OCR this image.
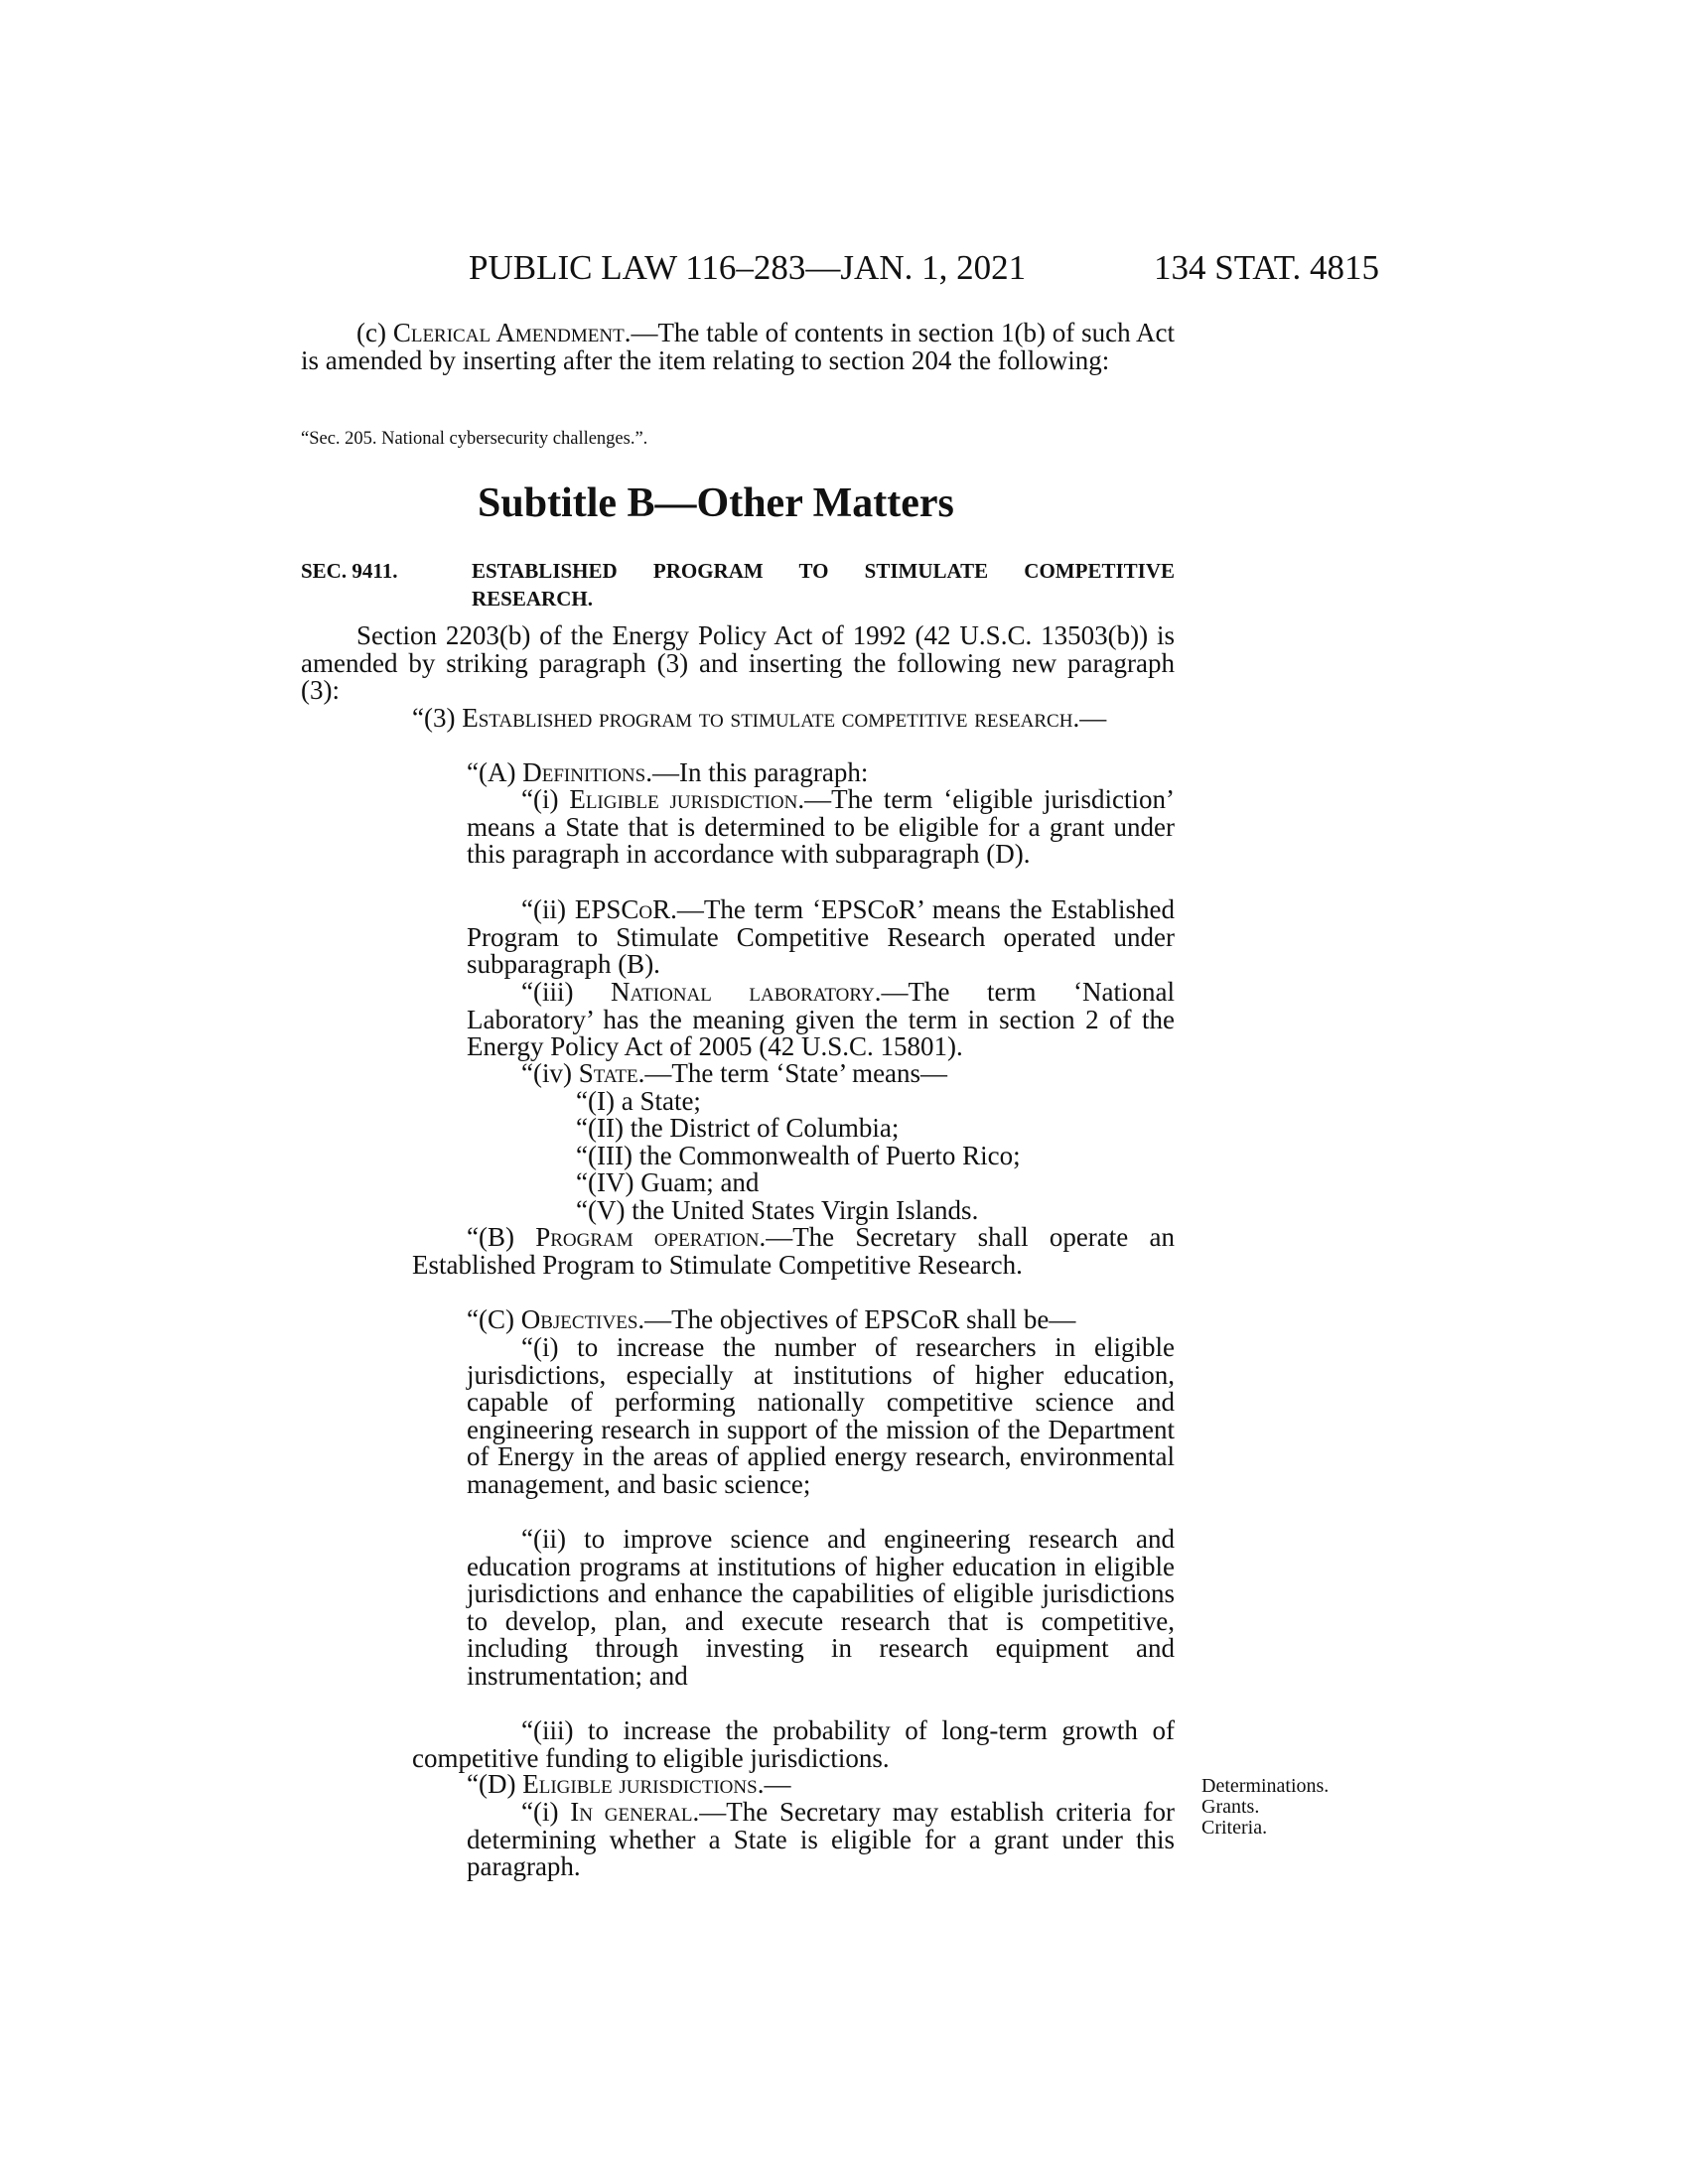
PUBLIC LAW 116–283—JAN. 1, 2021	134 STAT. 4815
(c) Clerical Amendment.—The table of contents in section 1(b) of such Act is amended by inserting after the item relating to section 204 the following:
“Sec. 205. National cybersecurity challenges.”.
Subtitle B—Other Matters
SEC. 9411.	ESTABLISHED PROGRAM TO STIMULATE COMPETITIVE RESEARCH.
Section 2203(b) of the Energy Policy Act of 1992 (42 U.S.C. 13503(b)) is amended by striking paragraph (3) and inserting the following new paragraph (3):
“(3) Established program to stimulate competitive research.—
“(A) Definitions.—In this paragraph:
“(i) Eligible jurisdiction.—The term ‘eligible jurisdiction’ means a State that is determined to be eligible for a grant under this paragraph in accordance with subparagraph (D).
“(ii) EPSCoR.—The term ‘EPSCoR’ means the Established Program to Stimulate Competitive Research operated under subparagraph (B).
“(iii) National laboratory.—The term ‘National Laboratory’ has the meaning given the term in section 2 of the Energy Policy Act of 2005 (42 U.S.C. 15801).
“(iv) State.—The term ‘State’ means—
“(I) a State;
“(II) the District of Columbia;
“(III) the Commonwealth of Puerto Rico;
“(IV) Guam; and
“(V) the United States Virgin Islands.
“(B) Program operation.—The Secretary shall operate an Established Program to Stimulate Competitive Research.
“(C) Objectives.—The objectives of EPSCoR shall be—
“(i) to increase the number of researchers in eligible jurisdictions, especially at institutions of higher education, capable of performing nationally competitive science and engineering research in support of the mission of the Department of Energy in the areas of applied energy research, environmental management, and basic science;
“(ii) to improve science and engineering research and education programs at institutions of higher education in eligible jurisdictions and enhance the capabilities of eligible jurisdictions to develop, plan, and execute research that is competitive, including through investing in research equipment and instrumentation; and
“(iii) to increase the probability of long-term growth of competitive funding to eligible jurisdictions.
“(D) Eligible jurisdictions.—
“(i) In general.—The Secretary may establish criteria for determining whether a State is eligible for a grant under this paragraph.
Determinations.
Grants.
Criteria.
